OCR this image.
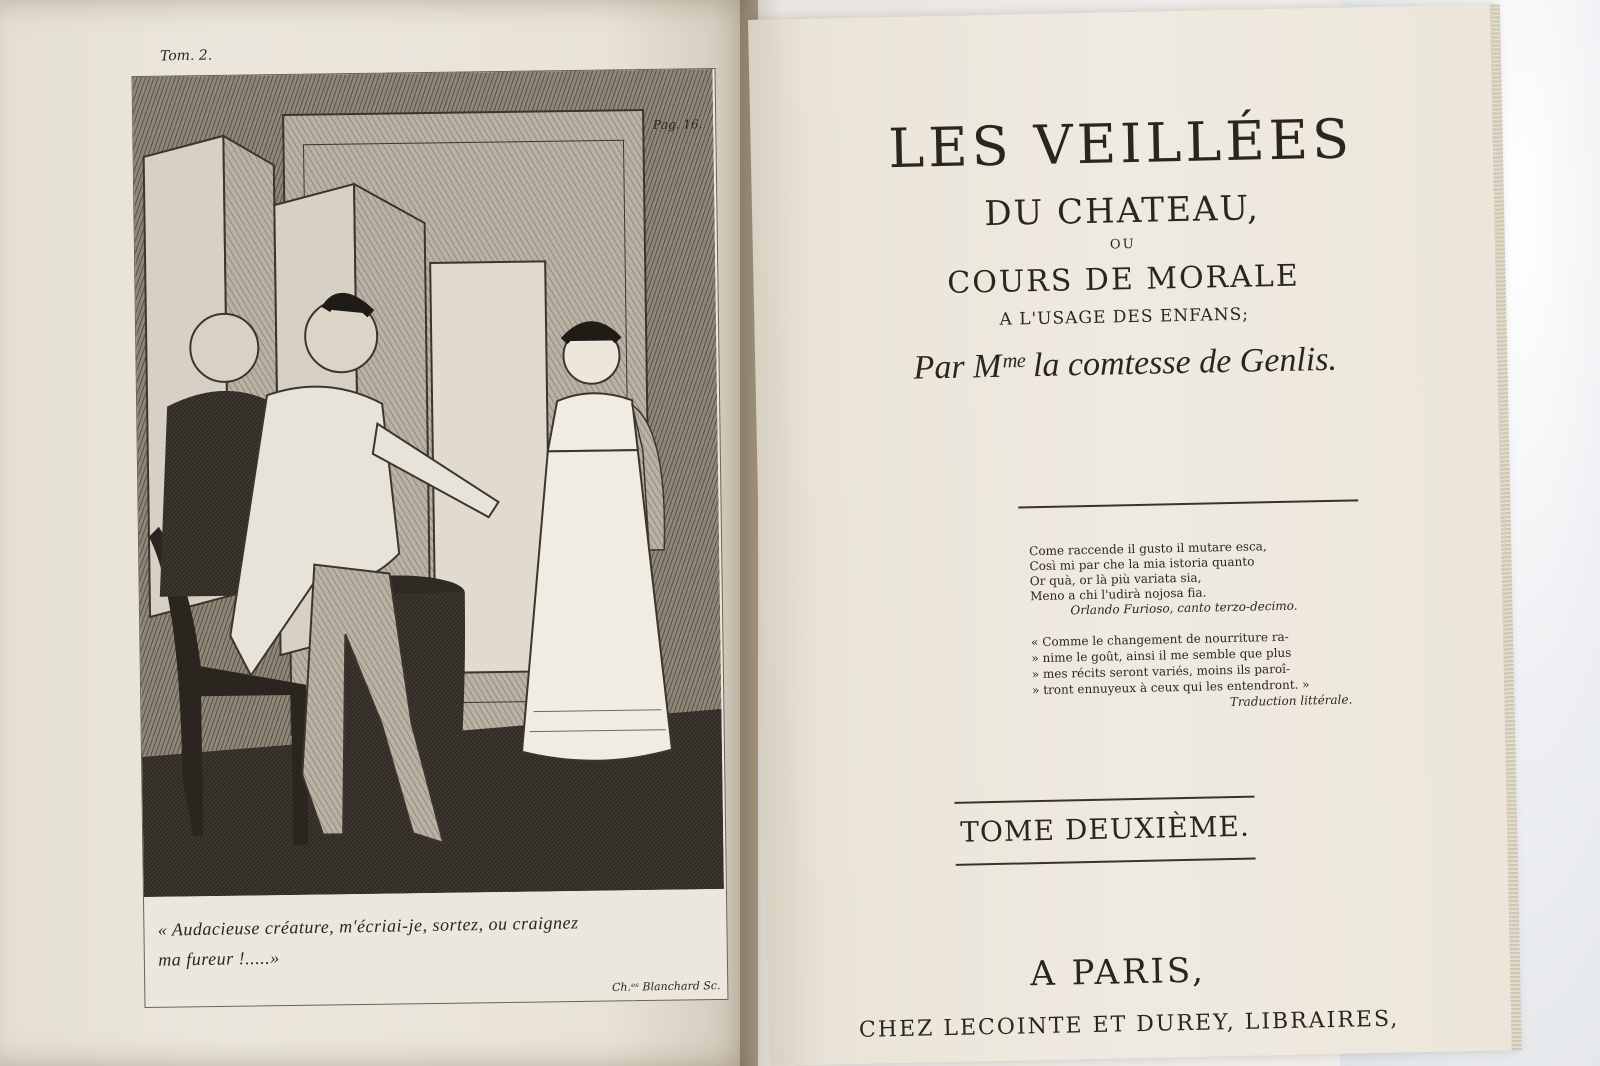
Tom. 2.
Pag. 16.
« Audacieuse créature, m'écriai-je, sortez, ou craignez
ma fureur !.....»
Ch.ᵉˢ Blanchard Sc.
LES VEILLÉES
DU CHATEAU,
OU
COURS DE MORALE
A L'USAGE DES ENFANS;
Par Mᵐᵉ la comtesse de Genlis.
Come raccende il gusto il mutare esca,
Così mi par che la mia istoria quanto
Or quà, or là più variata sia,
Meno a chi l'udirà nojosa fia.
Orlando Furioso, canto terzo-decimo.
« Comme le changement de nourriture ra-
» nime le goût, ainsi il me semble que plus
» mes récits seront variés, moins ils paroî-
» tront ennuyeux à ceux qui les entendront. »
Traduction littérale.
TOME DEUXIÈME.
A PARIS,
CHEZ LECOINTE ET DUREY, LIBRAIRES,
